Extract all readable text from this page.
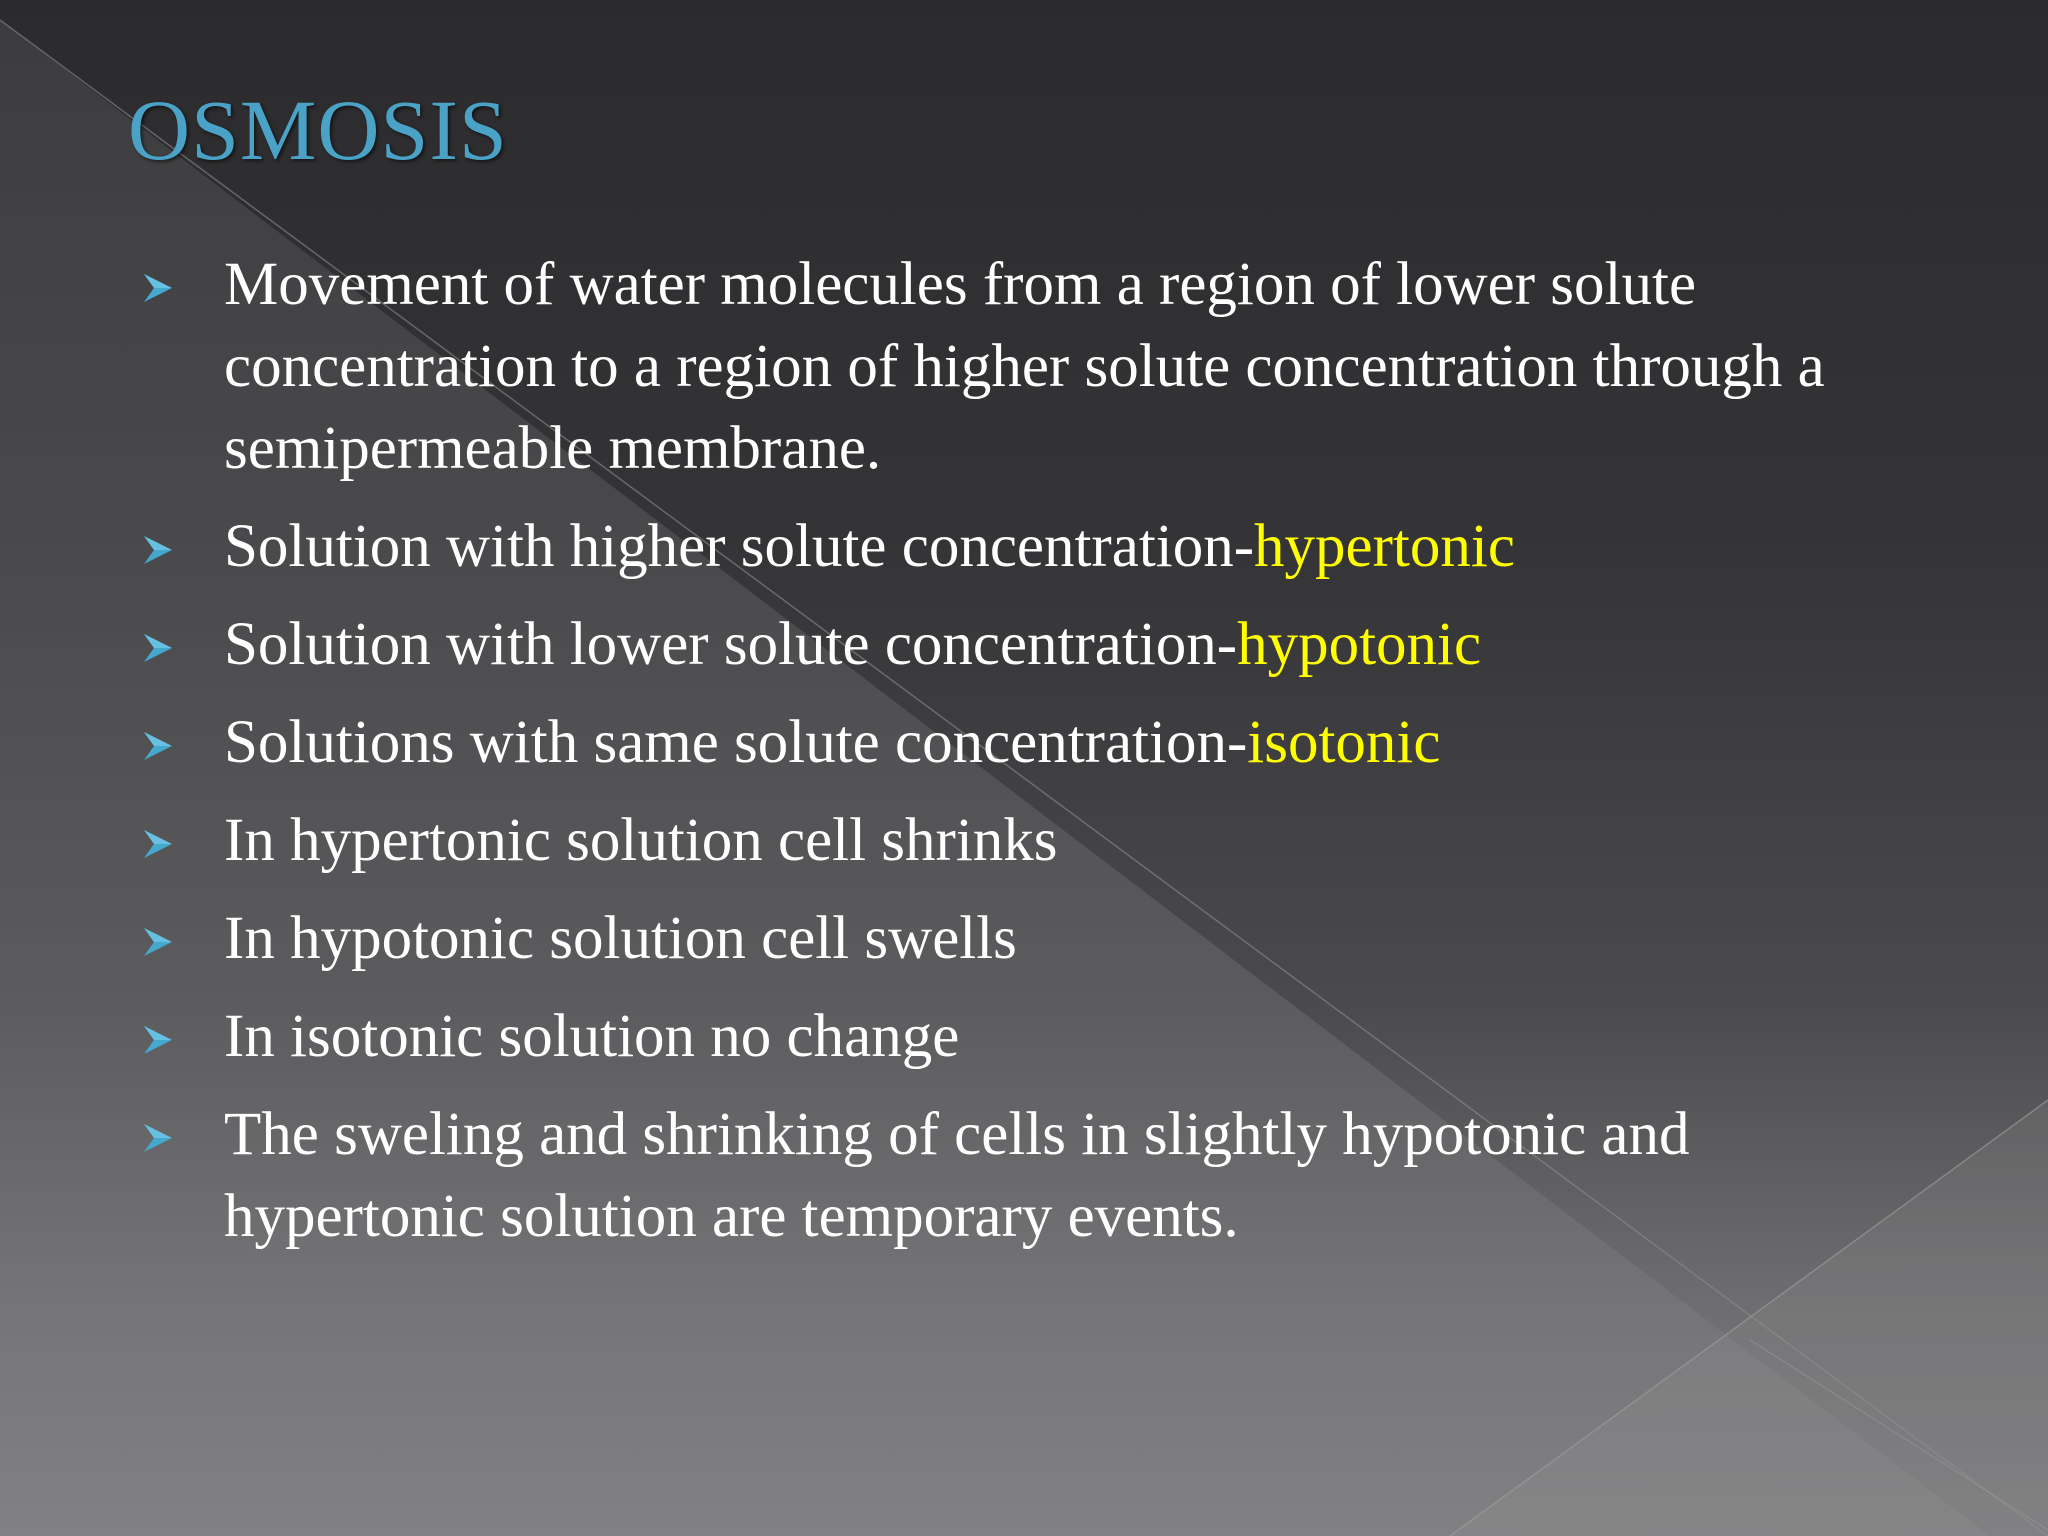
OSMOSIS
Movement of water molecules from a region of lower solute concentration to a region of higher solute concentration through a semipermeable membrane.
Solution with higher solute concentration-hypertonic
Solution with lower solute concentration-hypotonic
Solutions with same solute concentration-isotonic
In hypertonic solution cell shrinks
In hypotonic solution cell swells
In isotonic solution no change
The sweling and shrinking of cells in slightly hypotonic and hypertonic solution are temporary events.
